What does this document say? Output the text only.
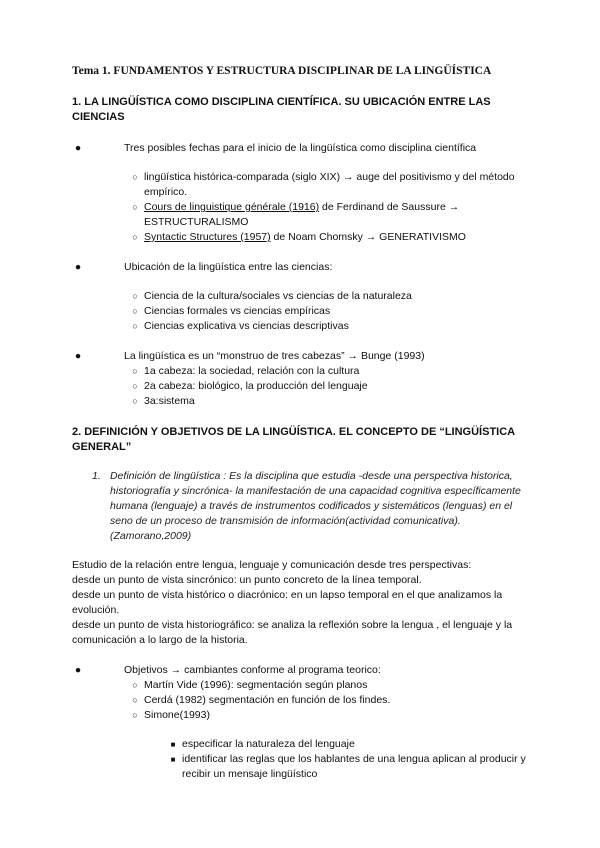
Tema 1. FUNDAMENTOS Y ESTRUCTURA DISCIPLINAR DE LA LINGÜÍSTICA

1. LA LINGÜÍSTICA COMO DISCIPLINA CIENTÍFICA. SU UBICACIÓN ENTRE LAS CIENCIAS

●	Tres posibles fechas para el inicio de la lingüística como disciplina científica
○ lingüística histórica-comparada (siglo XIX) → auge del positivismo y del método empírico.
○ Cours de linguistique générale (1916) de Ferdinand de Saussure → ESTRUCTURALISMO
○ Syntactic Structures (1957) de Noam Chomsky → GENERATIVISMO
●	Ubicación de la lingüística entre las ciencias:
○ Ciencia de la cultura/sociales vs ciencias de la naturaleza
○ Ciencias formales vs ciencias empíricas
○ Ciencias explicativa vs ciencias descriptivas
●	La lingüística es un “monstruo de tres cabezas” → Bunge (1993)
○ 1a cabeza: la sociedad, relación con la cultura
○ 2a cabeza: biológico, la producción del lenguaje
○ 3a:sistema

2. DEFINICIÓN Y OBJETIVOS DE LA LINGÜÍSTICA. EL CONCEPTO DE “LINGÜÍSTICA GENERAL”

1. Definición de lingüística : Es la disciplina que estudia -desde una perspectiva historica, historiografía y sincrónica- la manifestación de una capacidad cognitiva específicamente humana (lenguaje) a través de instrumentos codificados y sistemáticos (lenguas) en el seno de un proceso de transmisión de información(actividad comunicativa). (Zamorano,2009)

Estudio de la relación entre lengua, lenguaje y comunicación desde tres perspectivas:

desde un punto de vista sincrónico: un punto concreto de la línea temporal.

desde un punto de vista histórico o diacrónico: en un lapso temporal en el que analizamos la evolución.

desde un punto de vista historiográfico: se analiza la reflexión sobre la lengua , el lenguaje y la comunicación a lo largo de la historia.

●	Objetivos → cambiantes conforme al programa teorico:
○ Martín Vide (1996): segmentación según planos
○ Cerdá (1982) segmentación en función de los findes.
○ Simone(1993)
■ especificar la naturaleza del lenguaje
■ identificar las reglas que los hablantes de una lengua aplican al producir y recibir un mensaje lingüístico
